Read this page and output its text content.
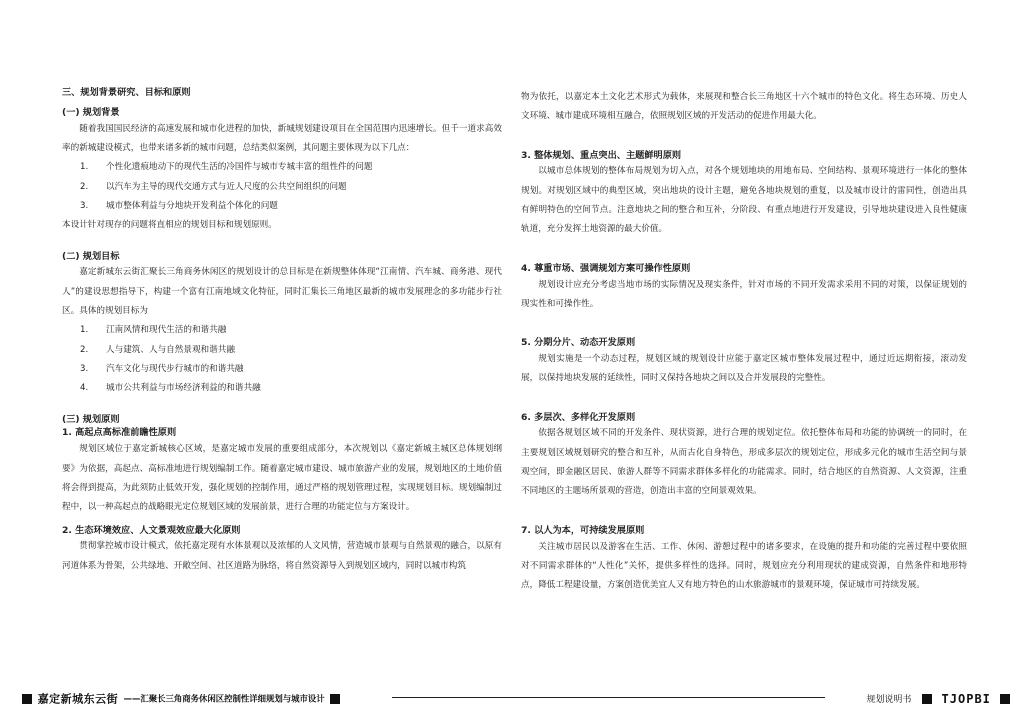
三、规划背景研究、目标和原则

(一) 规划背景

随着我国国民经济的高速发展和城市化进程的加快，新城规划建设项目在全国范围内迅速增长。但千一道求高效率的新城建设模式，也带来诸多新的城市问题，总结类似案例，其问题主要体现为以下几点：

1. 个性化遗痕地动下的现代生活的冷国件与城市专城丰富的组性件的问题
2. 以汽车为主导的现代交通方式与近人尺度的公共空间组织的问题
3. 城市整体利益与分地块开发利益个体化的问题

本设计针对现存的问题将直相应的规划目标和规划原则。

(二) 规划目标

嘉定新城东云街汇聚长三角商务休闲区的规划设计的总目标是在新规整体体现“江南情、汽车城、商务港、现代人”的建设思想指导下，构建一个富有江南地域文化特征，同时汇集长三角地区最新的城市发展理念的多功能步行社区。具体的规划目标为

1. 江南风情和现代生活的和谐共融
2. 人与建筑、人与自然景观和谐共融
3. 汽车文化与现代步行城市的和谐共融
4. 城市公共利益与市场经济利益的和谐共融

(三) 规划原则

1. 高起点高标准前瞻性原则

规划区域位于嘉定新城核心区域，是嘉定城市发展的重要组成部分，本次规划以《嘉定新城主城区总体规划纲要》为依据，高起点、高标准地进行规划编制工作。随着嘉定城市建设、城市旅游产业的发展，规划地区的土地价值将会得到提高，为此须防止低效开发，强化规划的控制作用，通过严格的规划管理过程，实现规划目标。规划编制过程中，以一种高起点的战略眼光定位规划区域的发展前景，进行合理的功能定位与方案设计。

2. 生态环境效应、人文景观效应最大化原则

贯彻掌控城市设计模式，依托嘉定现有水体景观以及浓郁的人文风情，营造城市景观与自然景观的融合，以原有河道体系为骨架，公共绿地、开敞空间、社区道路为脉络，将自然资源导入到规划区域内，同时以城市构筑

物为依托，以嘉定本土文化艺术形式为载体，来展现和整合长三角地区十六个城市的特色文化。将生态环境、历史人文环境、城市建成环境相互融合，依照规划区域的开发活动的促进作用最大化。

3. 整体规划、重点突出、主题鲜明原则

以城市总体规划的整体布局规划为切入点，对各个规划地块的用地布局、空间结构、景观环境进行一体化的整体规划。对规划区域中的典型区域，突出地块的设计主题，避免各地块规划的重复，以及城市设计的雷同性，创造出具有鲜明特色的空间节点。注意地块之间的整合和互补，分阶段、有重点地进行开发建设，引导地块建设进入良性健康轨道，充分发挥土地资源的最大价值。

4. 尊重市场、强调规划方案可操作性原则

规划设计应充分考虑当地市场的实际情况及现实条件，针对市场的不同开发需求采用不同的对策，以保证规划的现实性和可操作性。

5. 分期分片、动态开发原则

规划实施是一个动态过程，规划区域的规划设计应能于嘉定区城市整体发展过程中，通过近远期衔接，滚动发展，以保持地块发展的延续性，同时又保持各地块之间以及合并发展段的完整性。

6. 多层次、多样化开发原则

依据各规划区域不同的开发条件、现状资源，进行合理的规划定位。依托整体布局和功能的协调统一的同时，在主要规划区域规划研究的整合和互补，从而古化自身特色，形成多层次的规划定位，形成多元化的城市生活空间与景观空间，即金融区居民、旅游人群等不同需求群体多样化的功能需求。同时，结合地区的自然资源、人文资源，注重不同地区的主题场所景观的营造，创造出丰富的空间景观效果。

7. 以人为本，可持续发展原则

关注城市居民以及游客在生活、工作、休闲、游憩过程中的诸多要求，在设施的提升和功能的完善过程中要依照对不同需求群体的“人性化”关怀，提供多样性的选择。同时，规划应充分利用现状的建成资源，自然条件和地形特点，降低工程建设量，方案创造优美宜人又有地方特色的山水旅游城市的景观环境，保证城市可持续发展。

嘉定新城东云街 ——汇聚长三角商务休闲区控制性详细规划与城市设计	规划说明书	TJOPBI
